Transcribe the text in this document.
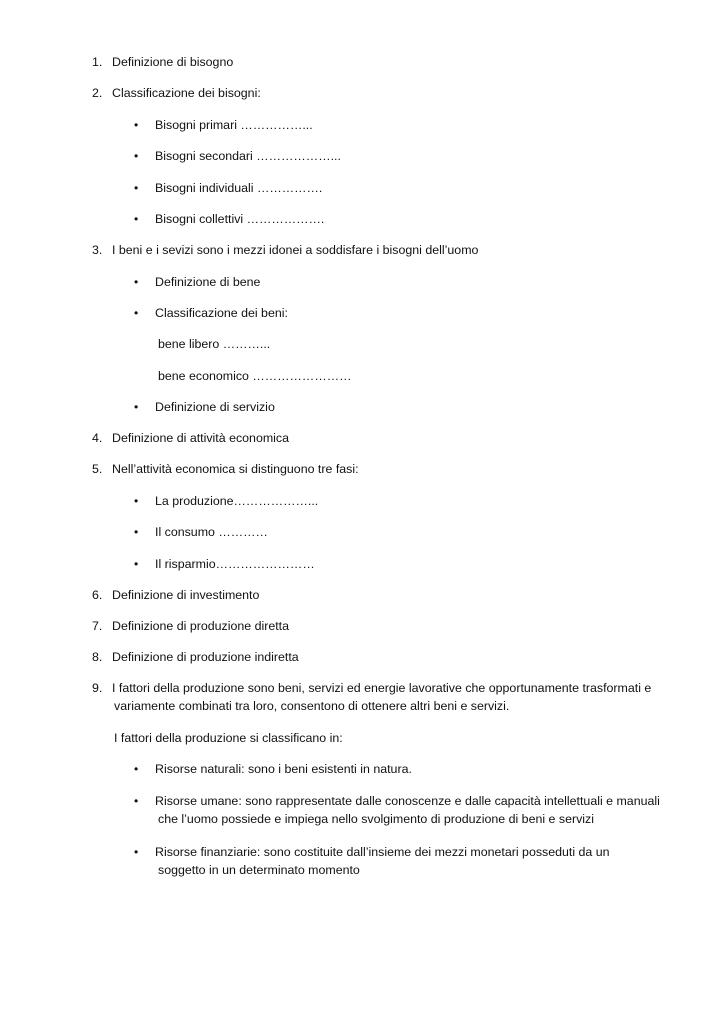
1. Definizione di bisogno
2. Classificazione dei bisogni:
• Bisogni primari ……………...
• Bisogni secondari ………………...
• Bisogni individuali …………….
• Bisogni collettivi ……………….
3. I beni e i sevizi sono i mezzi idonei a soddisfare i bisogni dell’uomo
• Definizione di bene
• Classificazione dei beni:
bene libero ………...
bene economico ……………………
• Definizione di servizio
4. Definizione di attività economica
5. Nell’attività economica si distinguono tre fasi:
• La produzione………………...
• Il consumo …………
• Il risparmio……………………
6. Definizione di investimento
7. Definizione di produzione diretta
8. Definizione di produzione indiretta
9. I fattori della produzione sono beni, servizi ed energie lavorative che opportunamente trasformati e
variamente combinati tra loro, consentono di ottenere altri beni e servizi.
I fattori della produzione si classificano in:
• Risorse naturali: sono i beni esistenti in natura.
• Risorse umane: sono rappresentate dalle conoscenze e dalle capacità intellettuali e manuali
che l’uomo possiede e impiega nello svolgimento di produzione di beni e servizi
• Risorse finanziarie: sono costituite dall’insieme dei mezzi monetari posseduti da un
soggetto in un determinato momento
